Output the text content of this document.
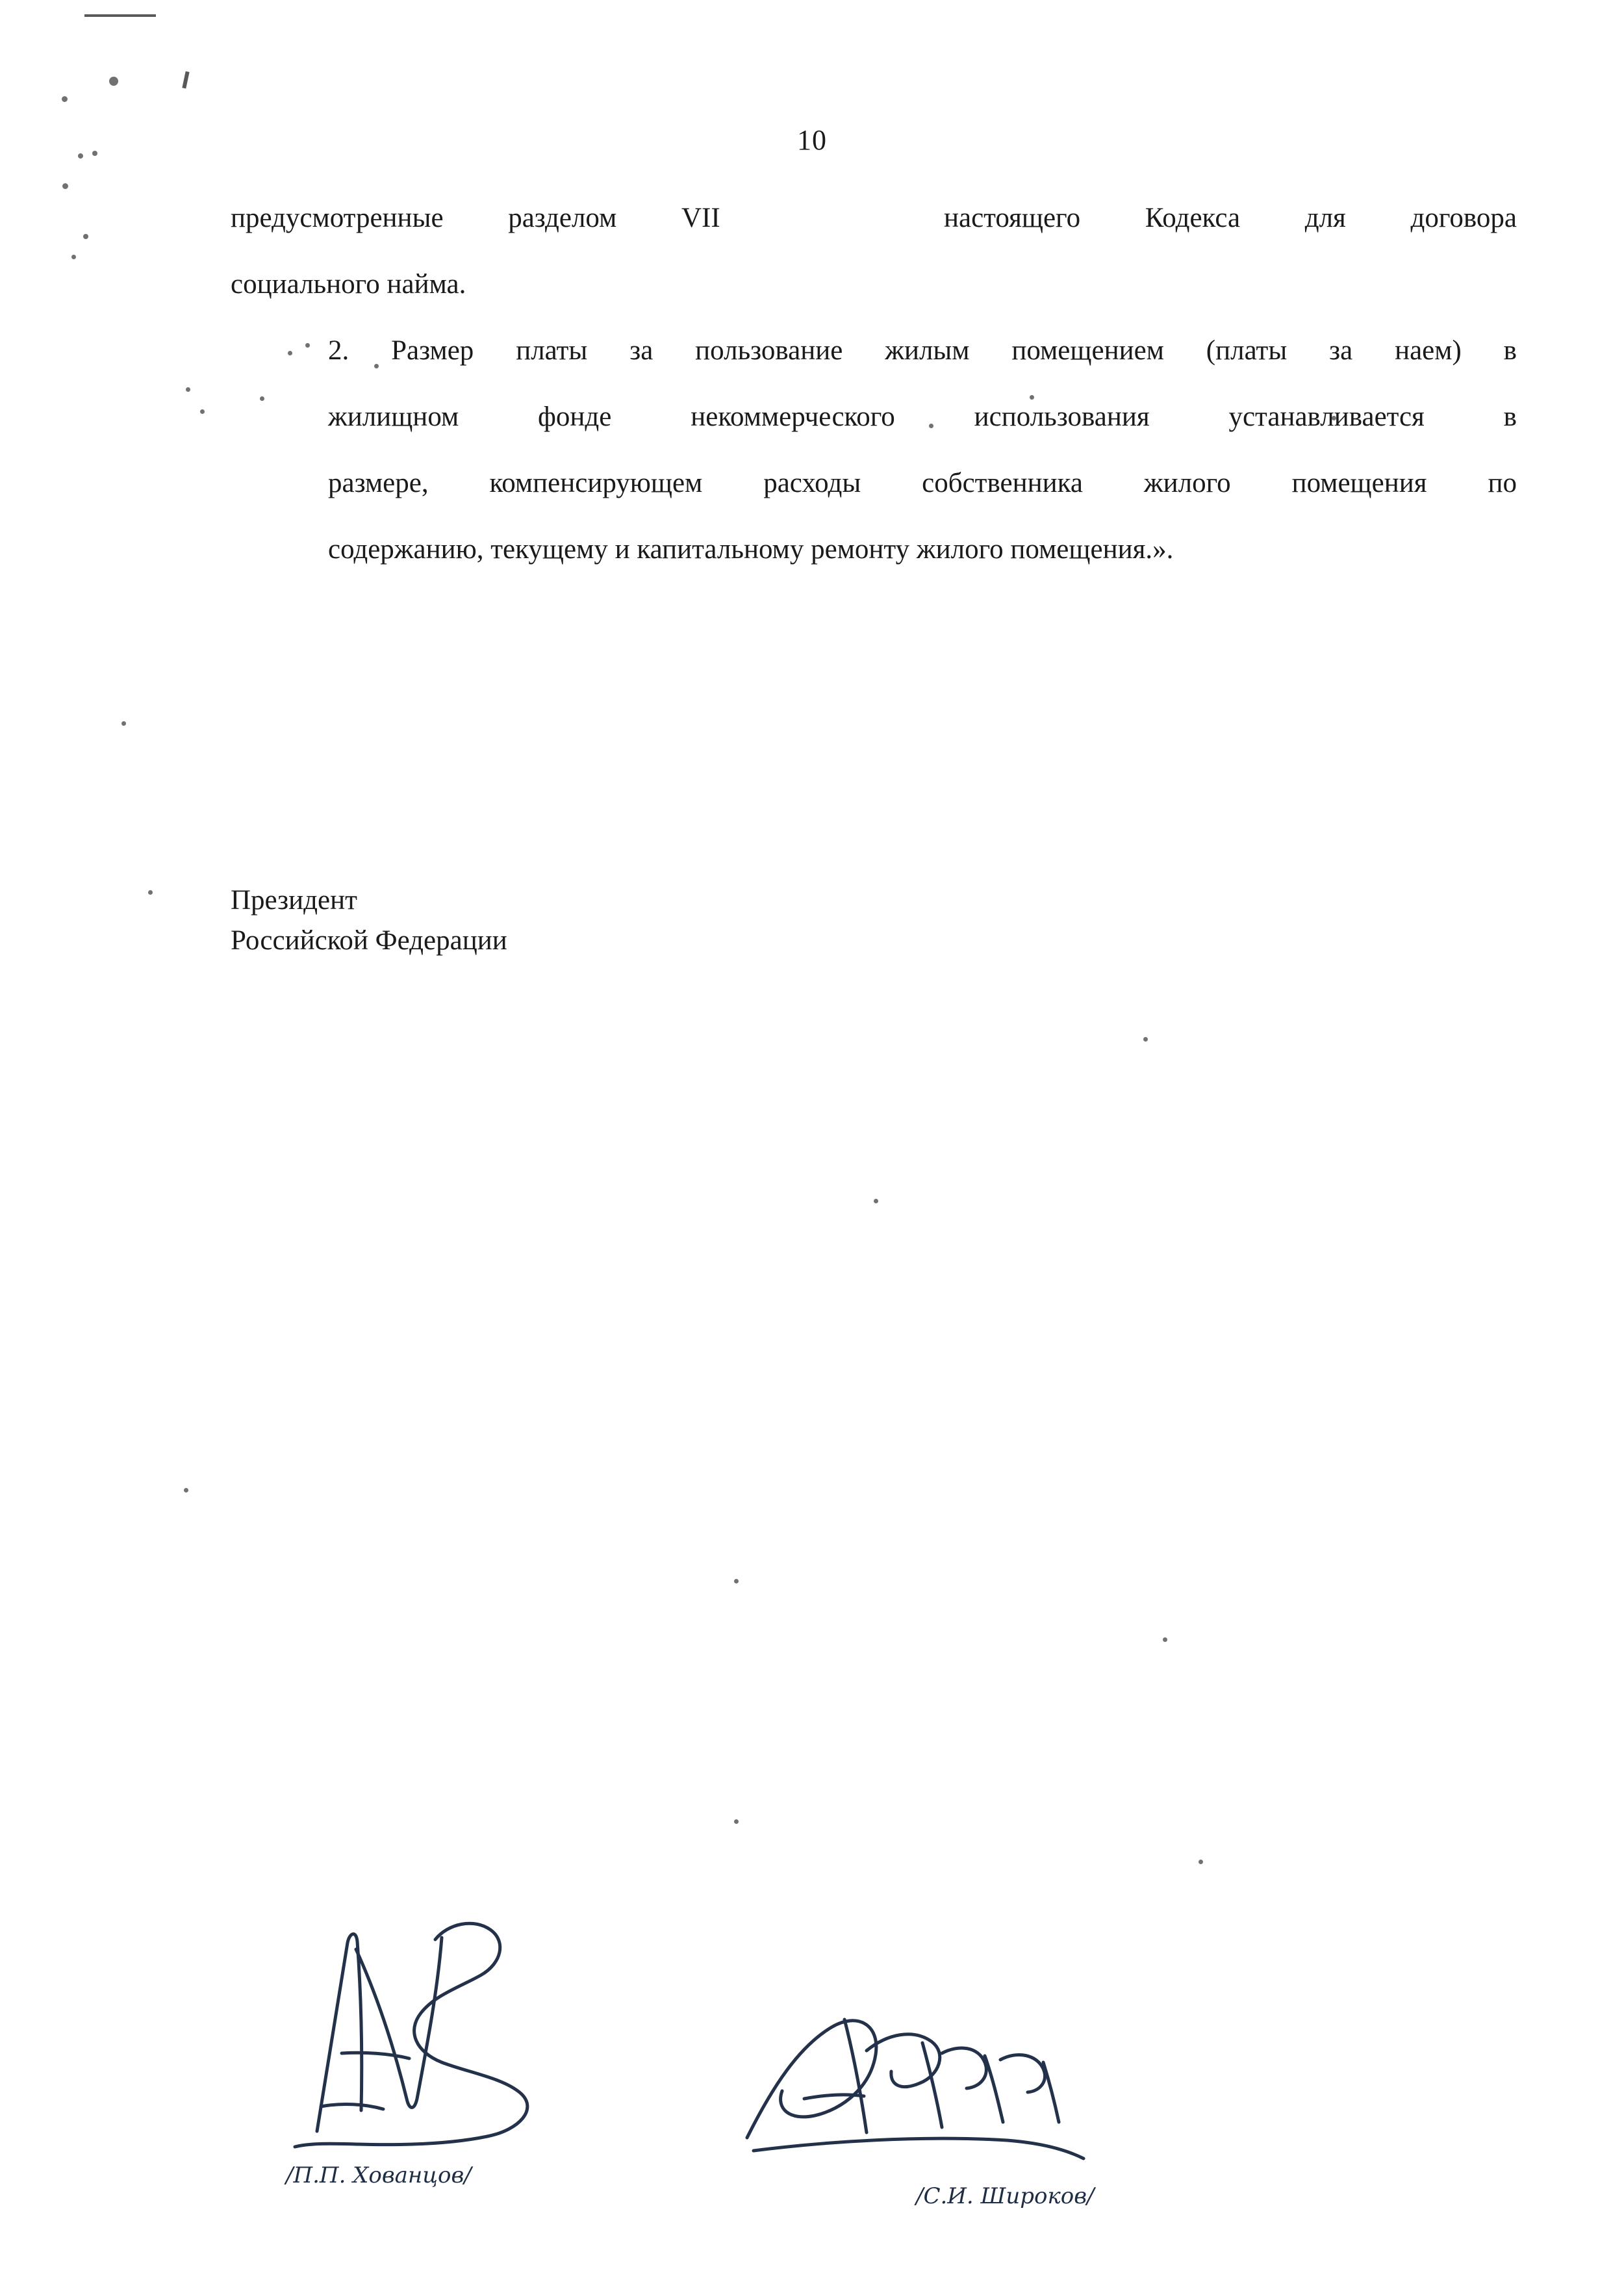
10

предусмотренные разделом VII	настоящего Кодекса для договора
социального найма.

2. Размер платы за пользование жилым помещением (платы за наем) в
жилищном фонде некоммерческого использования устанавливается в
размере, компенсирующем расходы собственника жилого помещения по
содержанию, текущему и капитальному ремонту жилого помещения.».

Президент
Российской Федерации
/П.П. Хованцов/
/С.И. Широков/
